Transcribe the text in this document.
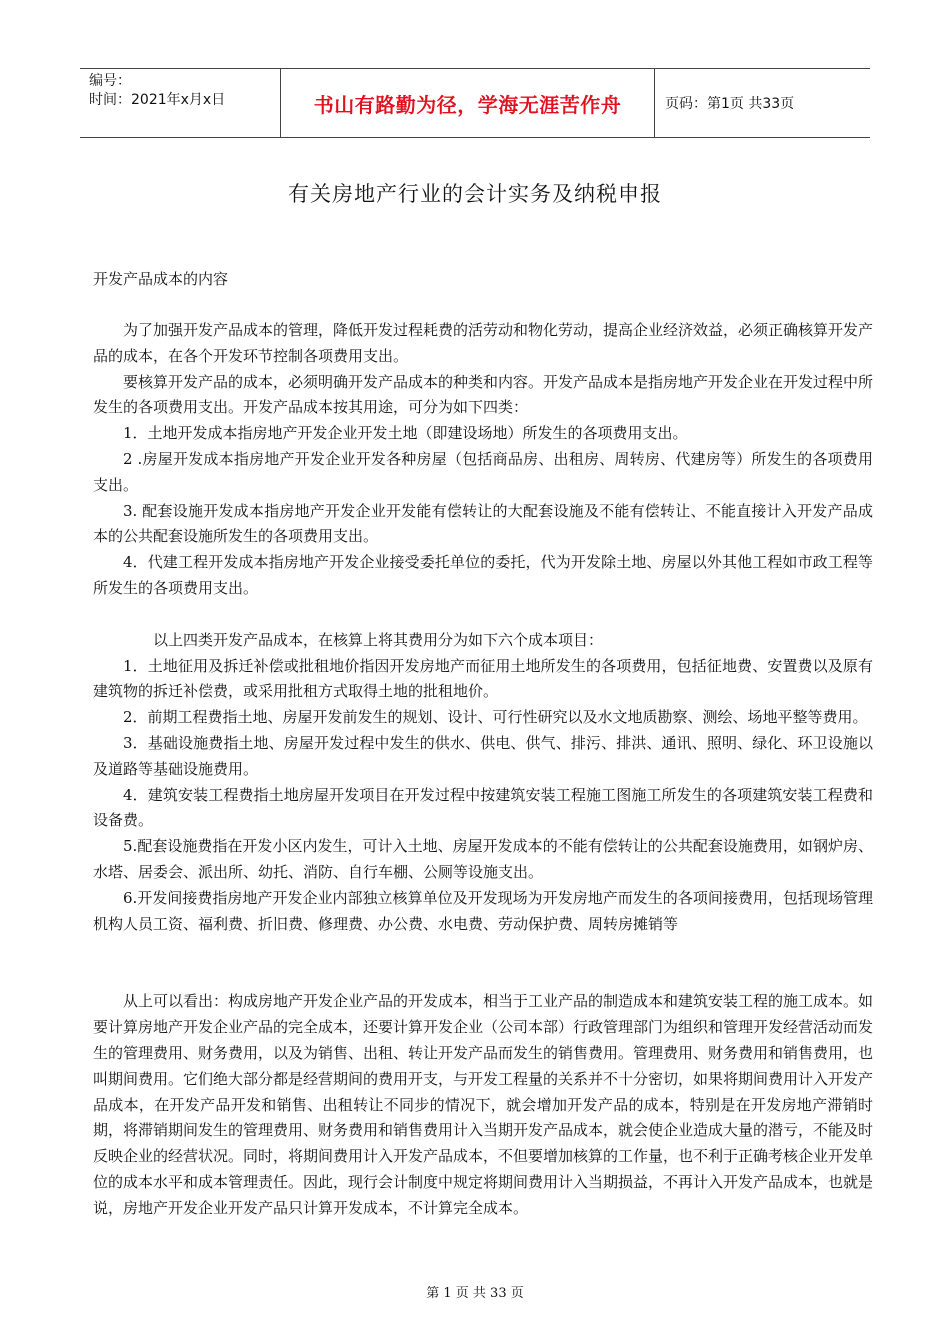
编号：
时间：2021年x月x日	书山有路勤为径，学海无涯苦作舟	页码：第1页 共33页
有关房地产行业的会计实务及纳税申报
开发产品成本的内容

为了加强开发产品成本的管理，降低开发过程耗费的活劳动和物化劳动，提高企业经济效益，必须正确核算开发产品的成本，在各个开发环节控制各项费用支出。

要核算开发产品的成本，必须明确开发产品成本的种类和内容。开发产品成本是指房地产开发企业在开发过程中所发生的各项费用支出。开发产品成本按其用途，可分为如下四类：

1．土地开发成本指房地产开发企业开发土地（即建设场地）所发生的各项费用支出。

2 .房屋开发成本指房地产开发企业开发各种房屋（包括商品房、出租房、周转房、代建房等）所发生的各项费用支出。

3. 配套设施开发成本指房地产开发企业开发能有偿转让的大配套设施及不能有偿转让、不能直接计入开发产品成本的公共配套设施所发生的各项费用支出。

4．代建工程开发成本指房地产开发企业接受委托单位的委托，代为开发除土地、房屋以外其他工程如市政工程等所发生的各项费用支出。

以上四类开发产品成本，在核算上将其费用分为如下六个成本项目：

1．土地征用及拆迁补偿或批租地价指因开发房地产而征用土地所发生的各项费用，包括征地费、安置费以及原有建筑物的拆迁补偿费，或采用批租方式取得土地的批租地价。

2．前期工程费指土地、房屋开发前发生的规划、设计、可行性研究以及水文地质勘察、测绘、场地平整等费用。

3．基础设施费指土地、房屋开发过程中发生的供水、供电、供气、排污、排洪、通讯、照明、绿化、环卫设施以及道路等基础设施费用。

4．建筑安装工程费指土地房屋开发项目在开发过程中按建筑安装工程施工图施工所发生的各项建筑安装工程费和设备费。

5.配套设施费指在开发小区内发生，可计入土地、房屋开发成本的不能有偿转让的公共配套设施费用，如钢炉房、水塔、居委会、派出所、幼托、消防、自行车棚、公厕等设施支出。

6.开发间接费指房地产开发企业内部独立核算单位及开发现场为开发房地产而发生的各项间接费用，包括现场管理机构人员工资、福利费、折旧费、修理费、办公费、水电费、劳动保护费、周转房摊销等

从上可以看出：构成房地产开发企业产品的开发成本，相当于工业产品的制造成本和建筑安装工程的施工成本。如要计算房地产开发企业产品的完全成本，还要计算开发企业（公司本部）行政管理部门为组织和管理开发经营活动而发生的管理费用、财务费用，以及为销售、出租、转让开发产品而发生的销售费用。管理费用、财务费用和销售费用，也叫期间费用。它们绝大部分都是经营期间的费用开支，与开发工程量的关系并不十分密切，如果将期间费用计入开发产品成本，在开发产品开发和销售、出租转让不同步的情况下，就会增加开发产品的成本，特别是在开发房地产滞销时期，将滞销期间发生的管理费用、财务费用和销售费用计入当期开发产品成本，就会使企业造成大量的潜亏，不能及时反映企业的经营状况。同时，将期间费用计入开发产品成本，不但要增加核算的工作量，也不利于正确考核企业开发单位的成本水平和成本管理责任。因此，现行会计制度中规定将期间费用计入当期损益，不再计入开发产品成本，也就是说，房地产开发企业开发产品只计算开发成本，不计算完全成本。

第 1 页 共 33 页
